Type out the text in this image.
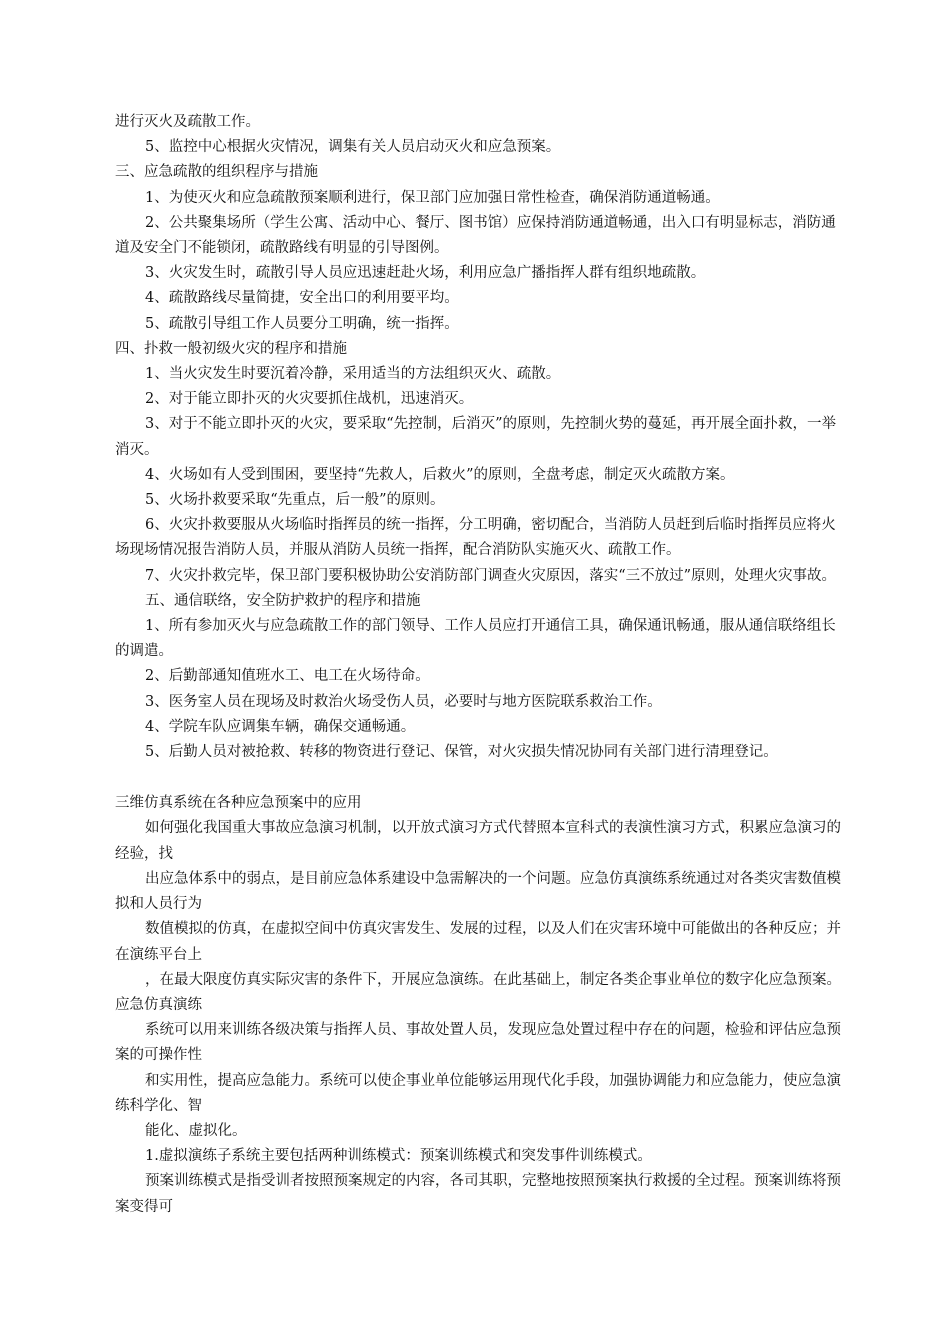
进行灭火及疏散工作。

5、监控中心根据火灾情况，调集有关人员启动灭火和应急预案。

三、应急疏散的组织程序与措施

1、为使灭火和应急疏散预案顺利进行，保卫部门应加强日常性检查，确保消防通道畅通。

2、公共聚集场所（学生公寓、活动中心、餐厅、图书馆）应保持消防通道畅通，出入口有明显标志，消防通道及安全门不能锁闭，疏散路线有明显的引导图例。

3、火灾发生时，疏散引导人员应迅速赶赴火场，利用应急广播指挥人群有组织地疏散。

4、疏散路线尽量简捷，安全出口的利用要平均。

5、疏散引导组工作人员要分工明确，统一指挥。

四、扑救一般初级火灾的程序和措施

1、当火灾发生时要沉着冷静，采用适当的方法组织灭火、疏散。

2、对于能立即扑灭的火灾要抓住战机，迅速消灭。

3、对于不能立即扑灭的火灾，要采取“先控制，后消灭”的原则，先控制火势的蔓延，再开展全面扑救，一举消灭。

4、火场如有人受到围困，要坚持“先救人，后救火”的原则，全盘考虑，制定灭火疏散方案。

5、火场扑救要采取“先重点，后一般”的原则。

6、火灾扑救要服从火场临时指挥员的统一指挥，分工明确，密切配合，当消防人员赶到后临时指挥员应将火场现场情况报告消防人员，并服从消防人员统一指挥，配合消防队实施灭火、疏散工作。

7、火灾扑救完毕，保卫部门要积极协助公安消防部门调查火灾原因，落实“三不放过”原则，处理火灾事故。

五、通信联络，安全防护救护的程序和措施

1、所有参加灭火与应急疏散工作的部门领导、工作人员应打开通信工具，确保通讯畅通，服从通信联络组长的调遣。

2、后勤部通知值班水工、电工在火场待命。

3、医务室人员在现场及时救治火场受伤人员，必要时与地方医院联系救治工作。

4、学院车队应调集车辆，确保交通畅通。

5、后勤人员对被抢救、转移的物资进行登记、保管，对火灾损失情况协同有关部门进行清理登记。

三维仿真系统在各种应急预案中的应用

如何强化我国重大事故应急演习机制，以开放式演习方式代替照本宣科式的表演性演习方式，积累应急演习的经验，找

出应急体系中的弱点，是目前应急体系建设中急需解决的一个问题。应急仿真演练系统通过对各类灾害数值模拟和人员行为

数值模拟的仿真，在虚拟空间中仿真灾害发生、发展的过程，以及人们在灾害环境中可能做出的各种反应；并在演练平台上

，在最大限度仿真实际灾害的条件下，开展应急演练。在此基础上，制定各类企事业单位的数字化应急预案。应急仿真演练

系统可以用来训练各级决策与指挥人员、事故处置人员，发现应急处置过程中存在的问题，检验和评估应急预案的可操作性

和实用性，提高应急能力。系统可以使企事业单位能够运用现代化手段，加强协调能力和应急能力，使应急演练科学化、智

能化、虚拟化。

1.虚拟演练子系统主要包括两种训练模式：预案训练模式和突发事件训练模式。

预案训练模式是指受训者按照预案规定的内容，各司其职，完整地按照预案执行救援的全过程。预案训练将预案变得可
